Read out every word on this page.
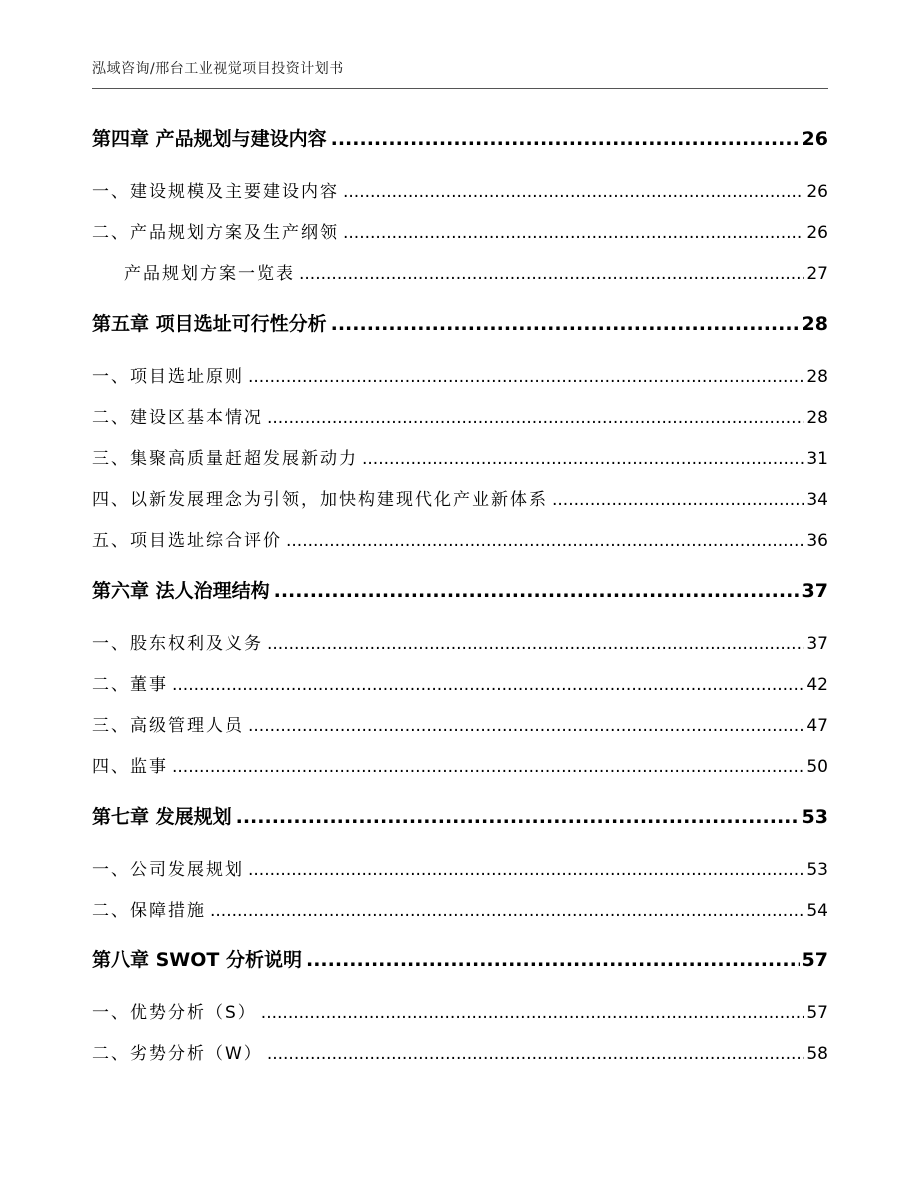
泓域咨询/邢台工业视觉项目投资计划书
第四章 产品规划与建设内容 .....	26
一、 建设规模及主要建设内容 .....	26
二、 产品规划方案及生产纲领 .....	26
产品规划方案一览表 .....	27
第五章 项目选址可行性分析 .....	28
一、 项目选址原则 .....	28
二、 建设区基本情况 .....	28
三、 集聚高质量赶超发展新动力 .....	31
四、 以新发展理念为引领，加快构建现代化产业新体系 .....	34
五、 项目选址综合评价 .....	36
第六章 法人治理结构 .....	37
一、 股东权利及义务 .....	37
二、 董事 .....	42
三、 高级管理人员 .....	47
四、 监事 .....	50
第七章 发展规划 .....	53
一、 公司发展规划 .....	53
二、 保障措施 .....	54
第八章 SWOT 分析说明 .....	57
一、 优势分析（S） .....	57
二、 劣势分析（W） .....	58
